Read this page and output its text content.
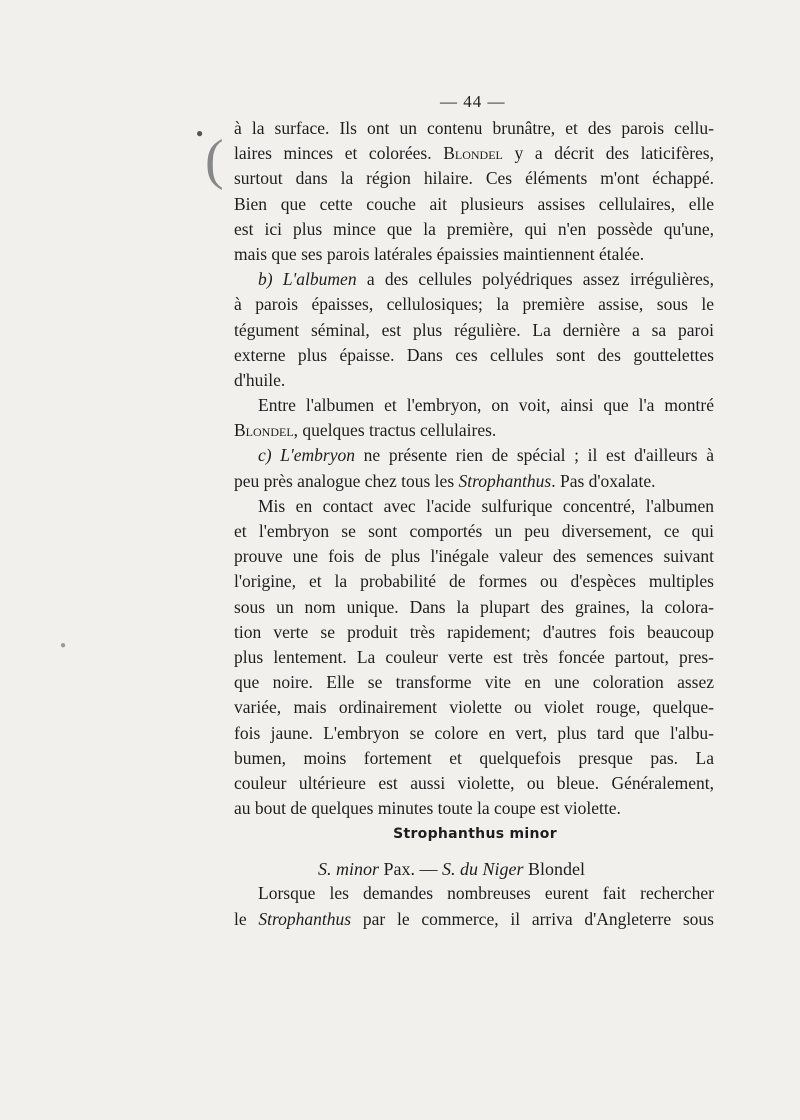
— 44 —
● (
●
à la surface. Ils ont un contenu brunâtre, et des parois cellu-
laires minces et colorées. Blondel y a décrit des laticifères,
surtout dans la région hilaire. Ces éléments m'ont échappé.
Bien que cette couche ait plusieurs assises cellulaires, elle
est ici plus mince que la première, qui n'en possède qu'une,
mais que ses parois latérales épaissies maintiennent étalée.
b) L'albumen a des cellules polyédriques assez irrégulières,
à parois épaisses, cellulosiques; la première assise, sous le
tégument séminal, est plus régulière. La dernière a sa paroi
externe plus épaisse. Dans ces cellules sont des gouttelettes
d'huile.
Entre l'albumen et l'embryon, on voit, ainsi que l'a montré
Blondel, quelques tractus cellulaires.
c) L'embryon ne présente rien de spécial ; il est d'ailleurs à
peu près analogue chez tous les Strophanthus. Pas d'oxalate.
Mis en contact avec l'acide sulfurique concentré, l'albumen
et l'embryon se sont comportés un peu diversement, ce qui
prouve une fois de plus l'inégale valeur des semences suivant
l'origine, et la probabilité de formes ou d'espèces multiples
sous un nom unique. Dans la plupart des graines, la colora-
tion verte se produit très rapidement; d'autres fois beaucoup
plus lentement. La couleur verte est très foncée partout, pres-
que noire. Elle se transforme vite en une coloration assez
variée, mais ordinairement violette ou violet rouge, quelque-
fois jaune. L'embryon se colore en vert, plus tard que l'albu-
bumen, moins fortement et quelquefois presque pas. La
couleur ultérieure est aussi violette, ou bleue. Généralement,
au bout de quelques minutes toute la coupe est violette.
Strophanthus minor
S. minor Pax. — S. du Niger Blondel
Lorsque les demandes nombreuses eurent fait rechercher
le Strophanthus par le commerce, il arriva d'Angleterre sous
